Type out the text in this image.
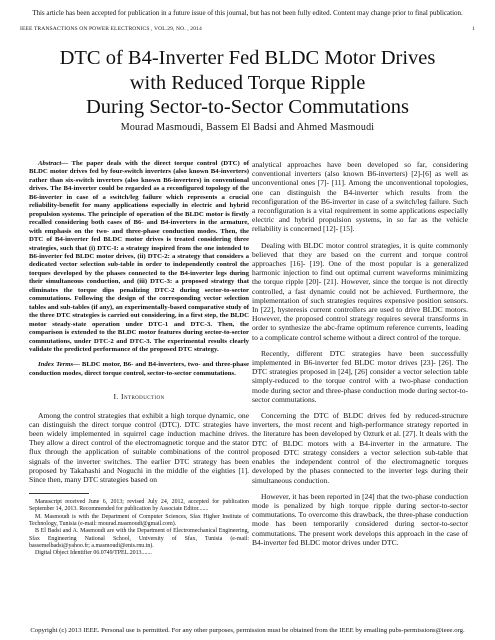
This article has been accepted for publication in a future issue of this journal, but has not been fully edited. Content may change prior to final publication.
IEEE TRANSACTIONS ON POWER ELECTRONICS , VOL.29, NO. , 2014	1
DTC of B4-Inverter Fed BLDC Motor Drives
with Reduced Torque Ripple
During Sector-to-Sector Commutations
Mourad Masmoudi, Bassem El Badsi and Ahmed Masmoudi

Abstract— The paper deals with the direct torque control (DTC) of BLDC motor drives fed by four-switch inverters (also known B4-inverters) rather than six-switch inverters (also known B6-inverters) in conventional drives. The B4-inverter could be regarded as a reconfigured topology of the B6-inverter in case of a switch/leg failure which represents a crucial reliability-benefit for many applications especially in electric and hybrid propulsion systems. The principle of operation of the BLDC motor is firstly recalled considering both cases of B6- and B4-inverters in the armature, with emphasis on the two- and three-phase conduction modes. Then, the DTC of B4-inverter fed BLDC motor drives is treated considering three strategies, such that (i) DTC-I: a strategy inspired from the one intended to B6-inverter fed BLDC motor drives, (ii) DTC-2: a strategy that considers a dedicated vector selection sub-table in order to independently control the torques developed by the phases connected to the B4-inverter legs during their simultaneous conduction, and (iii) DTC-3: a proposed strategy that eliminates the torque dips penalizing DTC-2 during sector-to-sector commutations. Following the design of the corresponding vector selection tables and sub-tables (if any), an experimentally-based comparative study of the three DTC strategies is carried out considering, in a first step, the BLDC motor steady-state operation under DTC-1 and DTC-3. Then, the comparison is extended to the BLDC motor features during sector-to-sector commutations, under DTC-2 and DTC-3. The experimental results clearly validate the predicted performance of the proposed DTC strategy.

Index Terms— BLDC motor, B6- and B4-inverters, two- and three-phase conduction modes, direct torque control, sector-to-sector commutations.

I. Introduction

Among the control strategies that exhibit a high torque dynamic, one can distinguish the direct torque control (DTC). DTC strategies have been widely implemented in squirrel cage induction machine drives. They allow a direct control of the electromagnetic torque and the stator flux through the application of suitable combinations of the control signals of the inverter switches. The earlier DTC strategy has been proposed by Takahashi and Noguchi in the middle of the eighties [1]. Since then, many DTC strategies based on

Manuscript received June 6, 2013; revised July 24, 2012, accepted for publication September 14, 2013. Recommended for publication by Associate Editor.......
M. Masmoudi is with the Department of Computer Sciences, Sfax Higher Institute of Technology, Tunisia (e-mail: mourad.masmoudi@gmail.com).
B El Badsi and A. Masmoudi are with the Department of Electromechanical Engineering, Sfax Engineering National School, University of Sfax, Tunisia (e-mail: bassemelbadsi@yahoo.fr; a.masmoudi@enis.rnu.tn).
Digital Object Identifier 06.0749/TPEL.2013.......

analytical approaches have been developed so far, considering conventional inverters (also known B6-inverters) [2]-[6] as well as unconventional ones [7]- [11]. Among the unconventional topologies, one can distinguish the B4-inverter which results from the reconfiguration of the B6-inverter in case of a switch/leg failure. Such a reconfiguration is a vital requirement in some applications especially electric and hybrid propulsion systems, in so far as the vehicle reliability is concerned [12]- [15].

Dealing with BLDC motor control strategies, it is quite commonly believed that they are based on the current and torque control approaches [16]- [19]. One of the most popular is a generalized harmonic injection to find out optimal current waveforms minimizing the torque ripple [20]- [21]. However, since the torque is not directly controlled, a fast dynamic could not be achieved. Furthermore, the implementation of such strategies requires expensive position sensors. In [22], hysteresis current controllers are used to drive BLDC motors. However, the proposed control strategy requires several transforms in order to synthesize the abc-frame optimum reference currents, leading to a complicate control scheme without a direct control of the torque.

Recently, different DTC strategies have been successfully implemented in B6-inverter fed BLDC motor drives [23]- [26]. The DTC strategies proposed in [24], [26] consider a vector selection table simply-reduced to the torque control with a two-phase conduction mode during sector and three-phase conduction mode during sector-to-sector commutations.

Concerning the DTC of BLDC drives fed by reduced-structure inverters, the most recent and high-performance strategy reported in the literature has been developed by Ozturk et al. [27]. It deals with the DTC of BLDC motors with a B4-inverter in the armature. The proposed DTC strategy considers a vector selection sub-table that enables the independent control of the electromagnetic torques developed by the phases connected to the inverter legs during their simultaneous conduction.

However, it has been reported in [24] that the two-phase conduction mode is penalized by high torque ripple during sector-to-sector commutations. To overcome this drawback, the three-phase conduction mode has been temporarily considered during sector-to-sector commutations. The present work develops this approach in the case of B4-inverter fed BLDC motor drives under DTC.

Copyright (c) 2013 IEEE. Personal use is permitted. For any other purposes, permission must be obtained from the IEEE by emailing pubs-permissions@ieee.org.
